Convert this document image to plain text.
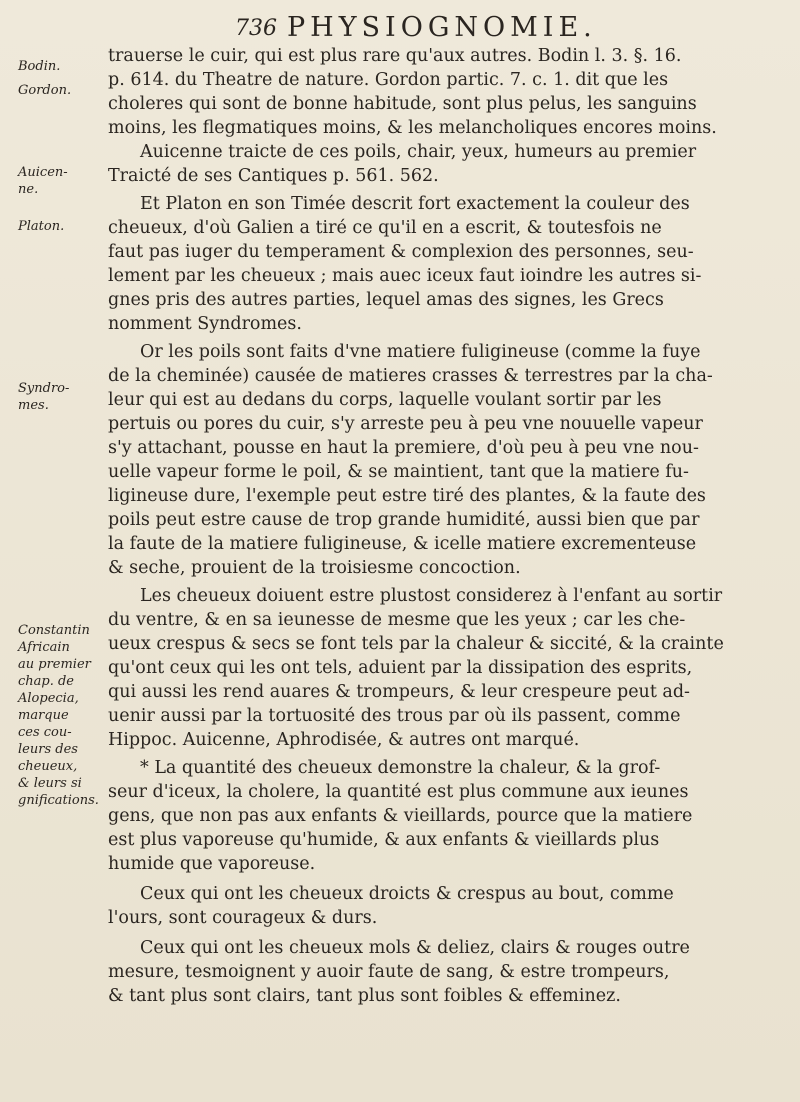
736 PHYSIOGNOMIE.
Bodin.
Gordon.
Auicen-
ne.
Platon.
Syndro-
mes.
Constantin
Africain
au premier
chap. de
Alopecia,
marque
ces cou-
leurs des
cheueux,
& leurs si
gnifications.
trauerse le cuir, qui est plus rare qu'aux autres. Bodin l. 3. §. 16.
p. 614. du Theatre de nature. Gordon partic. 7. c. 1. dit que les
choleres qui sont de bonne habitude, sont plus pelus, les sanguins
moins, les flegmatiques moins, & les melancholiques encores moins.
Auicenne traicte de ces poils, chair, yeux, humeurs au premier
Traicté de ses Cantiques p. 561. 562.
Et Platon en son Timée descrit fort exactement la couleur des
cheueux, d'où Galien a tiré ce qu'il en a escrit, & toutesfois ne
faut pas iuger du temperament & complexion des personnes, seu-
lement par les cheueux ; mais auec iceux faut ioindre les autres si-
gnes pris des autres parties, lequel amas des signes, les Grecs
nomment Syndromes.
Or les poils sont faits d'vne matiere fuligineuse (comme la fuye
de la cheminée) causée de matieres crasses & terrestres par la cha-
leur qui est au dedans du corps, laquelle voulant sortir par les
pertuis ou pores du cuir, s'y arreste peu à peu vne nouuelle vapeur
s'y attachant, pousse en haut la premiere, d'où peu à peu vne nou-
uelle vapeur forme le poil, & se maintient, tant que la matiere fu-
ligineuse dure, l'exemple peut estre tiré des plantes, & la faute des
poils peut estre cause de trop grande humidité, aussi bien que par
la faute de la matiere fuligineuse, & icelle matiere excrementeuse
& seche, prouient de la troisiesme concoction.
Les cheueux doiuent estre plustost considerez à l'enfant au sortir
du ventre, & en sa ieunesse de mesme que les yeux ; car les che-
ueux crespus & secs se font tels par la chaleur & siccité, & la crainte
qu'ont ceux qui les ont tels, aduient par la dissipation des esprits,
qui aussi les rend auares & trompeurs, & leur crespeure peut ad-
uenir aussi par la tortuosité des trous par où ils passent, comme
Hippoc. Auicenne, Aphrodisée, & autres ont marqué.
* La quantité des cheueux demonstre la chaleur, & la grof-
seur d'iceux, la cholere, la quantité est plus commune aux ieunes
gens, que non pas aux enfants & vieillards, pource que la matiere
est plus vaporeuse qu'humide, & aux enfants & vieillards plus
humide que vaporeuse.
Ceux qui ont les cheueux droicts & crespus au bout, comme
l'ours, sont courageux & durs.
Ceux qui ont les cheueux mols & deliez, clairs & rouges outre
mesure, tesmoignent y auoir faute de sang, & estre trompeurs,
& tant plus sont clairs, tant plus sont foibles & effeminez.
